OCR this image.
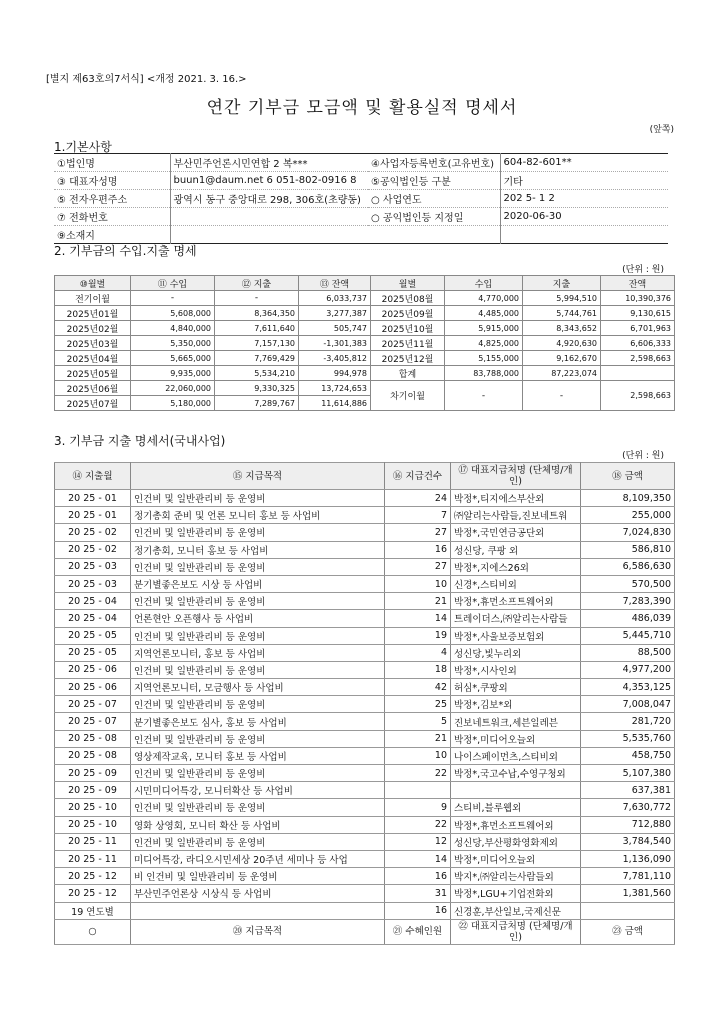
[별지 제63호의7서식] <개정 2021. 3. 16.>
연간 기부금 모금액 및 활용실적 명세서
(앞쪽)
1.기본사항
①법인명	부산민주언론시민연합 2 복***	④사업자등록번호(고유번호)	604-82-601**
③ 대표자성명	buun1@daum.net 6 051-802-0916 8	⑤공익법인등 구분	기타
⑤ 전자우편주소	광역시 동구 중앙대로 298, 306호(초량동)	○ 사업연도	202 5- 1 2
⑦ 전화번호		○ 공익법인등 지정일	2020-06-30
⑨소재지			
2. 기부금의 수입.지출 명세
(단위 : 원)
⑩월별	⑪ 수입	⑫ 지출	⑬ 잔액	월별	수입	지출	잔액
전기이월	-	-	6,033,737	2025년08월	4,770,000	5,994,510	10,390,376
2025년01월	5,608,000	8,364,350	3,277,387	2025년09월	4,485,000	5,744,761	9,130,615
2025년02월	4,840,000	7,611,640	505,747	2025년10월	5,915,000	8,343,652	6,701,963
2025년03월	5,350,000	7,157,130	-1,301,383	2025년11월	4,825,000	4,920,630	6,606,333
2025년04월	5,665,000	7,769,429	-3,405,812	2025년12월	5,155,000	9,162,670	2,598,663
2025년05월	9,935,000	5,534,210	994,978	합계	83,788,000	87,223,074	
2025년06월	22,060,000	9,330,325	13,724,653	차기이월	-	-	2,598,663
2025년07월	5,180,000	7,289,767	11,614,886				
3. 기부금 지출 명세서(국내사업)
(단위 : 원)
⑭ 지출월	⑮ 지급목적	⑯ 지급건수	⑰ 대표지급처명 (단체명/개인)	⑱ 금액
20 25 - 01	인건비 및 일반관리비 등 운영비	24	박정*,티지에스부산외	8,109,350
20 25 - 01	정기총회 준비 및 언론 모니터 홍보 등 사업비	7	㈜알리는사람들,진보네트워	255,000
20 25 - 02	인건비 및 일반관리비 등 운영비	27	박정*,국민연금공단외	7,024,830
20 25 - 02	정기총회, 모니터 홍보 등 사업비	16	성신당, 쿠팡 외	586,810
20 25 - 03	인건비 및 일반관리비 등 운영비	27	박정*,지에스26외	6,586,630
20 25 - 03	분기별좋은보도 시상 등 사업비	10	신경*,스티비외	570,500
20 25 - 04	인건비 및 일반관리비 등 운영비	21	박정*,휴먼소프트웨어외	7,283,390
20 25 - 04	언론현안 오픈행사 등 사업비	14	트레이더스,㈜알리는사람들	486,039
20 25 - 05	인건비 및 일반관리비 등 운영비	19	박정*,사울보증보험외	5,445,710
20 25 - 05	지역언론모니터, 홍보 등 사업비	4	성신당,빛누리외	88,500
20 25 - 06	인건비 및 일반관리비 등 운영비	18	박정*,시사인외	4,977,200
20 25 - 06	지역언론모니터, 모금행사 등 사업비	42	허심*,쿠팡외	4,353,125
20 25 - 07	인건비 및 일반관리비 등 운영비	25	박정*,김보*외	7,008,047
20 25 - 07	분기별좋은보도 심사, 홍보 등 사업비	5	진보네트워크,세븐일레븐	281,720
20 25 - 08	인건비 및 일반관리비 등 운영비	21	박정*,미디어오늘외	5,535,760
20 25 - 08	영상제작교육, 모니터 홍보 등 사업비	10	나이스페이먼츠,스티비외	458,750
20 25 - 09	인건비 및 일반관리비 등 운영비	22	박정*,국고수납,수영구청외	5,107,380
20 25 - 09	시민미디어특강, 모니터확산 등 사업비			637,381
20 25 - 10	인건비 및 일반관리비 등 운영비	9	스티비,블루웹외	7,630,772
20 25 - 10	영화 상영회, 모니터 확산 등 사업비	22	박정*,휴먼소프트웨어외	712,880
20 25 - 11	인건비 및 일반관리비 등 운영비	12	성신당,부산평화영화제외	3,784,540
20 25 - 11	미디어특강, 라디오시민세상 20주년 세미나 등 사업	14	박정*,미디어오늘외	1,136,090
20 25 - 12	비 인건비 및 일반관리비 등 운영비	16	박지*,㈜알리는사람들외	7,781,110
20 25 - 12	부산민주언론상 시상식 등 사업비	31	박정*,LGU+기업전화외	1,381,560
19 연도별		16	신경훈,부산일보,국제신문	
○	⑳ 지급목적	㉑ 수혜인원	㉒ 대표지급처명 (단체명/개인)	㉓ 금액
